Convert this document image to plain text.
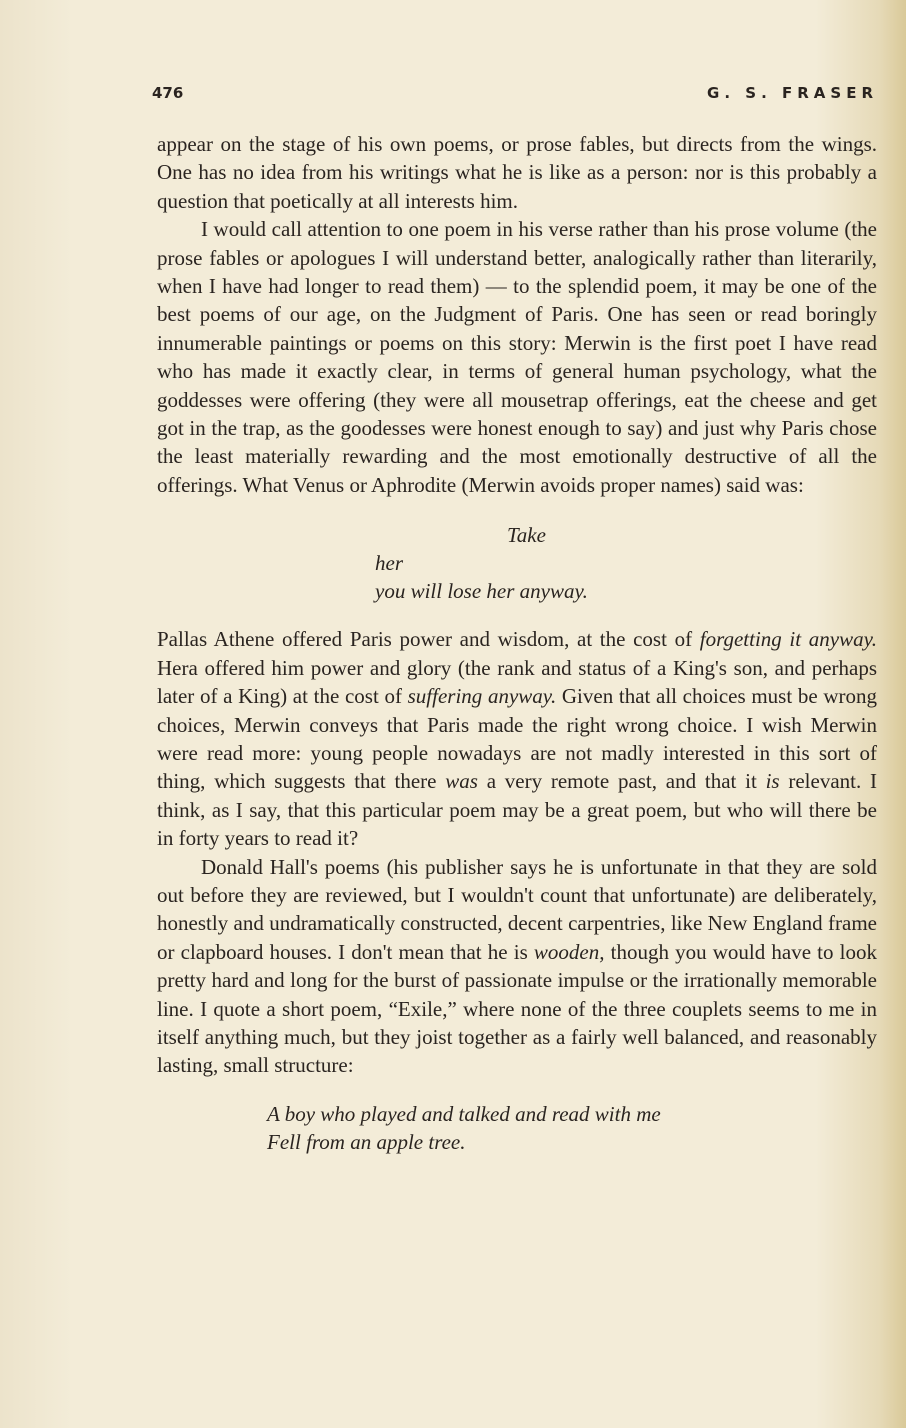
476	G. S. FRASER

appear on the stage of his own poems, or prose fables, but directs from the wings. One has no idea from his writings what he is like as a person: nor is this probably a question that poetically at all interests him.

I would call attention to one poem in his verse rather than his prose volume (the prose fables or apologues I will understand better, analogically rather than literarily, when I have had longer to read them) — to the splendid poem, it may be one of the best poems of our age, on the Judgment of Paris. One has seen or read boringly innumerable paintings or poems on this story: Merwin is the first poet I have read who has made it exactly clear, in terms of general human psychology, what the goddesses were offering (they were all mousetrap offerings, eat the cheese and get got in the trap, as the goodesses were honest enough to say) and just why Paris chose the least materially rewarding and the most emotionally destructive of all the offerings. What Venus or Aphrodite (Merwin avoids proper names) said was:

Take
her
you will lose her anyway.

Pallas Athene offered Paris power and wisdom, at the cost of forgetting it anyway. Hera offered him power and glory (the rank and status of a King's son, and perhaps later of a King) at the cost of suffering anyway. Given that all choices must be wrong choices, Merwin conveys that Paris made the right wrong choice. I wish Merwin were read more: young people nowadays are not madly interested in this sort of thing, which suggests that there was a very remote past, and that it is relevant. I think, as I say, that this particular poem may be a great poem, but who will there be in forty years to read it?

Donald Hall's poems (his publisher says he is unfortunate in that they are sold out before they are reviewed, but I wouldn't count that unfortunate) are deliberately, honestly and undramatically constructed, decent carpentries, like New England frame or clapboard houses. I don't mean that he is wooden, though you would have to look pretty hard and long for the burst of passionate impulse or the irrationally memorable line. I quote a short poem, “Exile,” where none of the three couplets seems to me in itself anything much, but they joist together as a fairly well balanced, and reasonably lasting, small structure:

A boy who played and talked and read with me
Fell from an apple tree.
